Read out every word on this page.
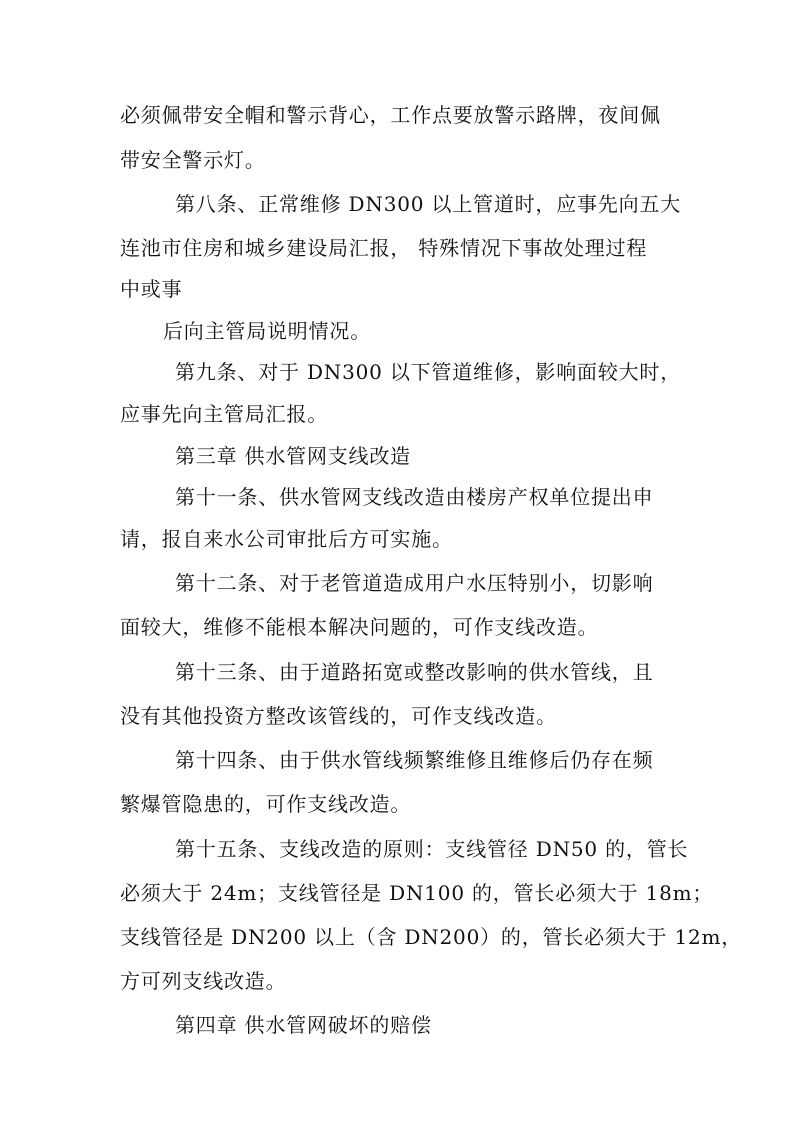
必须佩带安全帽和警示背心，工作点要放警示路牌，夜间佩

带安全警示灯。

第八条、正常维修 DN300 以上管道时，应事先向五大

连池市住房和城乡建设局汇报， 特殊情况下事故处理过程

中或事

后向主管局说明情况。

第九条、对于 DN300 以下管道维修，影响面较大时，

应事先向主管局汇报。

第三章 供水管网支线改造

第十一条、供水管网支线改造由楼房产权单位提出申

请，报自来水公司审批后方可实施。

第十二条、对于老管道造成用户水压特别小，切影响

面较大，维修不能根本解决问题的，可作支线改造。

第十三条、由于道路拓宽或整改影响的供水管线，且

没有其他投资方整改该管线的，可作支线改造。

第十四条、由于供水管线频繁维修且维修后仍存在频

繁爆管隐患的，可作支线改造。

第十五条、支线改造的原则：支线管径 DN50 的，管长

必须大于 24m；支线管径是 DN100 的，管长必须大于 18m；

支线管径是 DN200 以上（含 DN200）的，管长必须大于 12m，

方可列支线改造。

第四章 供水管网破坏的赔偿
